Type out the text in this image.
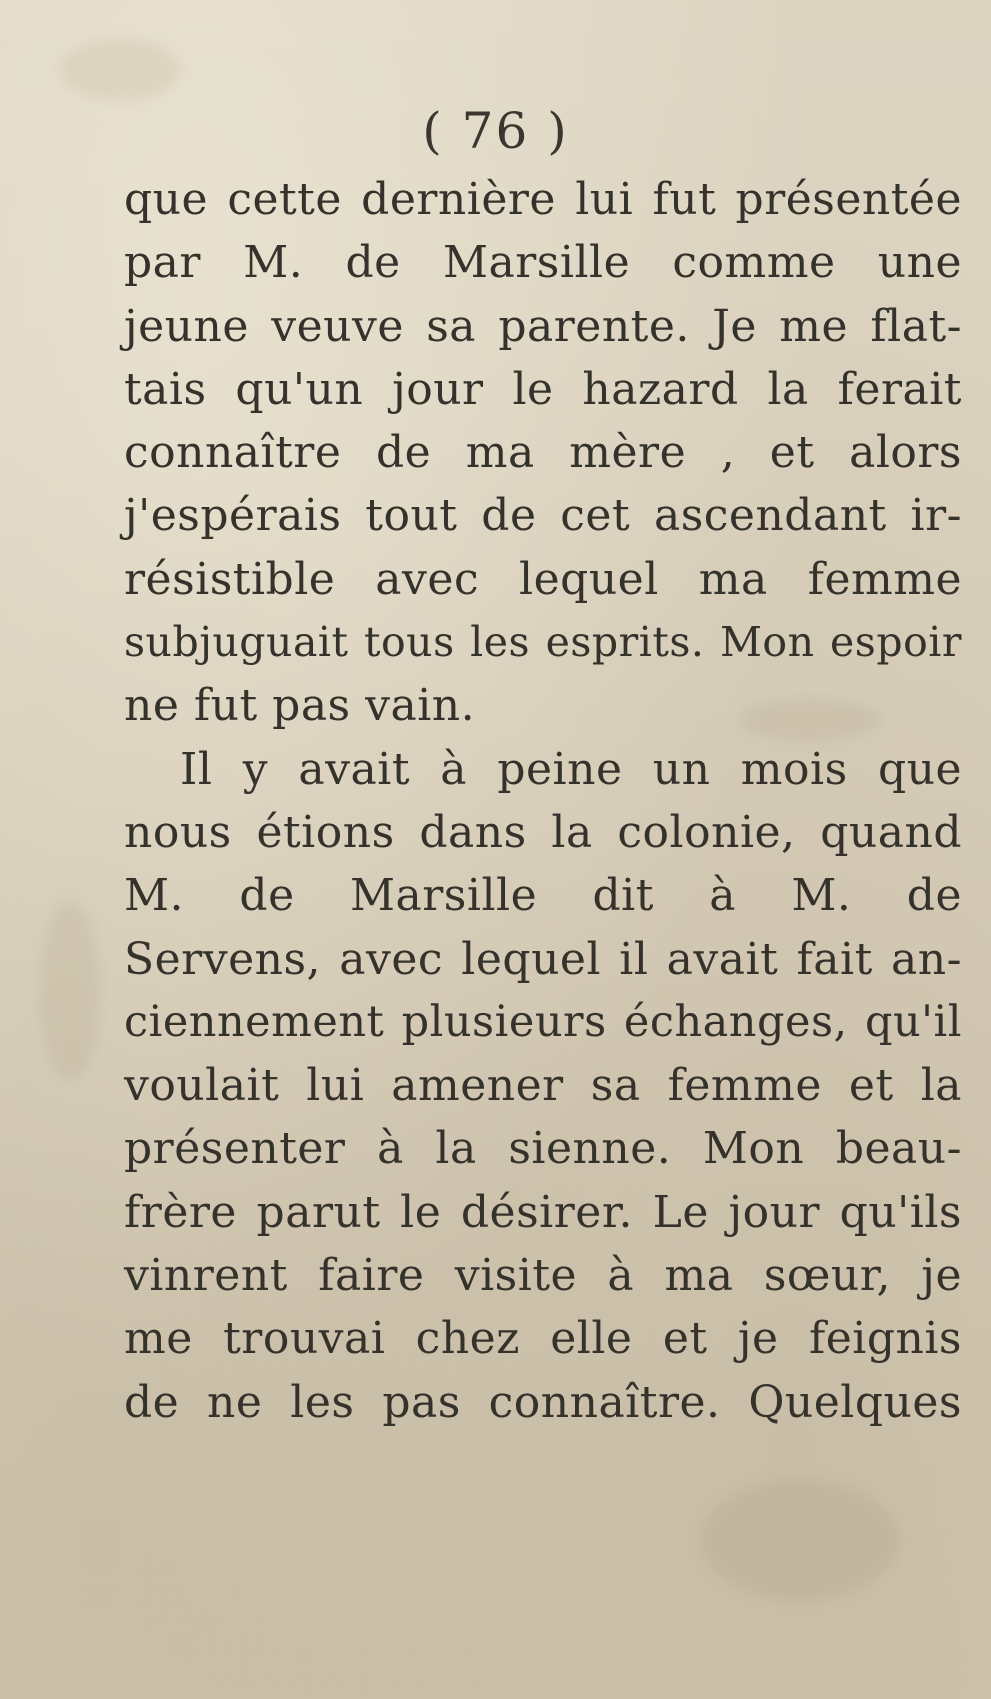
( 76 )
que cette dernière lui fut présentée
par M. de Marsille comme une
jeune veuve sa parente. Je me flat-
tais qu'un jour le hazard la ferait
connaître de ma mère , et alors
j'espérais tout de cet ascendant ir-
résistible avec lequel ma femme
subjuguait tous les esprits. Mon espoir
ne fut pas vain.
Il y avait à peine un mois que
nous étions dans la colonie, quand
M. de Marsille dit à M. de
Servens, avec lequel il avait fait an-
ciennement plusieurs échanges, qu'il
voulait lui amener sa femme et la
présenter à la sienne. Mon beau-
frère parut le désirer. Le jour qu'ils
vinrent faire visite à ma sœur, je
me trouvai chez elle et je feignis
de ne les pas connaître. Quelques
